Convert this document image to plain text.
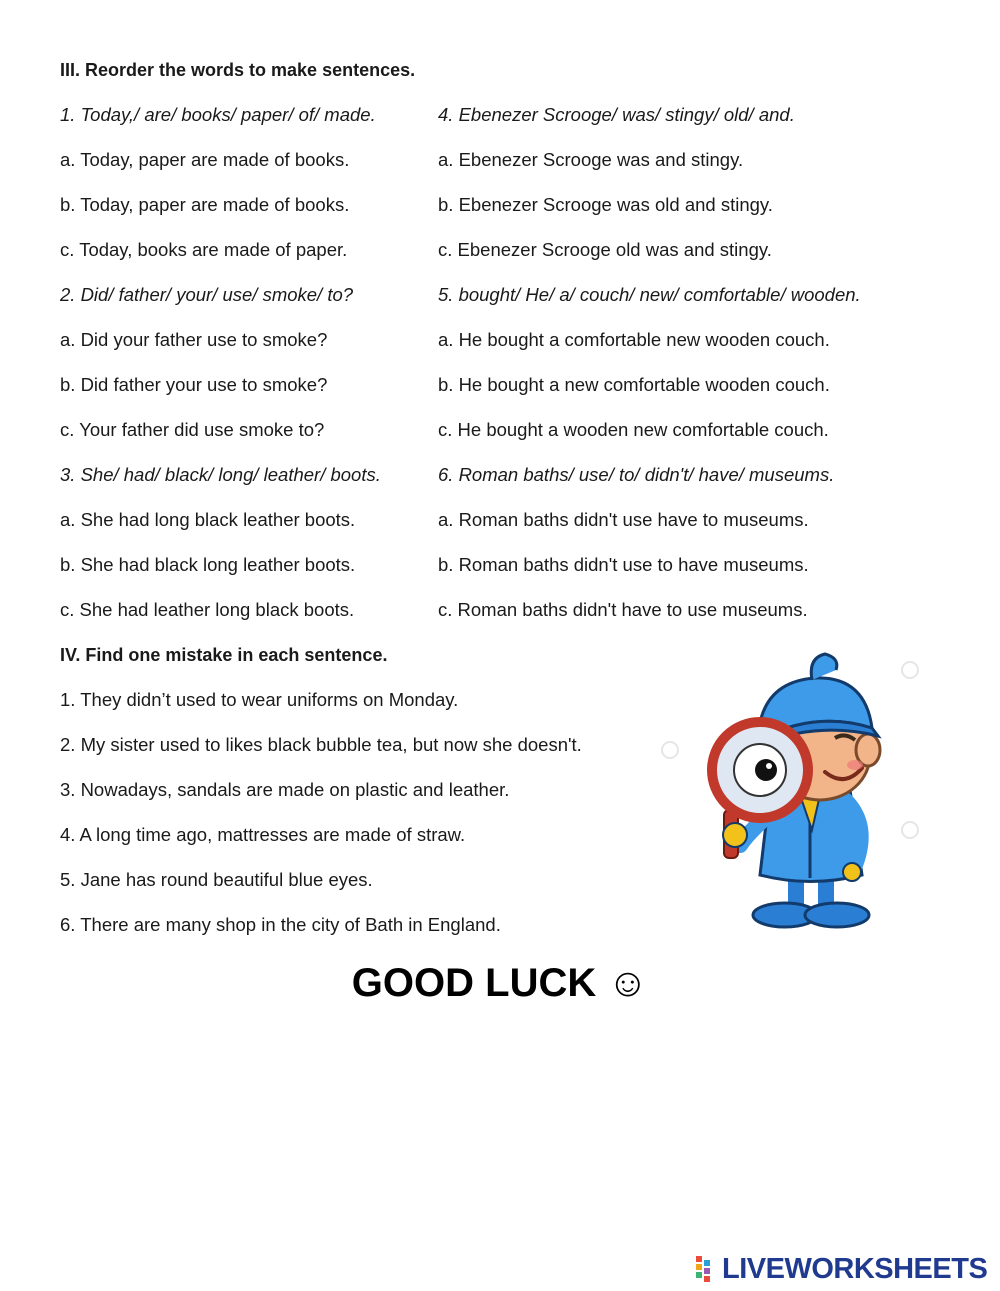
III. Reorder the words to make sentences.
1. Today,/ are/ books/ paper/ of/ made.
a. Today, paper are made of books.
b. Today, paper are made of books.
c. Today, books are made of paper.
2. Did/ father/ your/ use/ smoke/ to?
a. Did your father use to smoke?
b. Did father your use to smoke?
c. Your father did use smoke to?
3. She/ had/ black/ long/ leather/ boots.
a. She had long black leather boots.
b. She had black long leather boots.
c. She had leather long black boots.
4. Ebenezer Scrooge/ was/ stingy/ old/ and.
a. Ebenezer Scrooge was and stingy.
b. Ebenezer Scrooge was old and stingy.
c. Ebenezer Scrooge old was and stingy.
5. bought/ He/ a/ couch/ new/ comfortable/ wooden.
a. He bought a comfortable new wooden couch.
b. He bought a new comfortable wooden couch.
c. He bought a wooden new comfortable couch.
6. Roman baths/ use/ to/ didn't/ have/ museums.
a. Roman baths didn't use have to museums.
b. Roman baths didn't use to have museums.
c. Roman baths didn't have to use museums.
IV. Find one mistake in each sentence.
1. They didn’t used to wear uniforms on Monday.
2. My sister used to likes black bubble tea, but now she doesn't.
3. Nowadays, sandals are made on plastic and leather.
4. A long time ago, mattresses are made of straw.
5. Jane has round beautiful blue eyes.
6. There are many shop in the city of Bath in England.
GOOD LUCK ☺
LIVEWORKSHEETS
